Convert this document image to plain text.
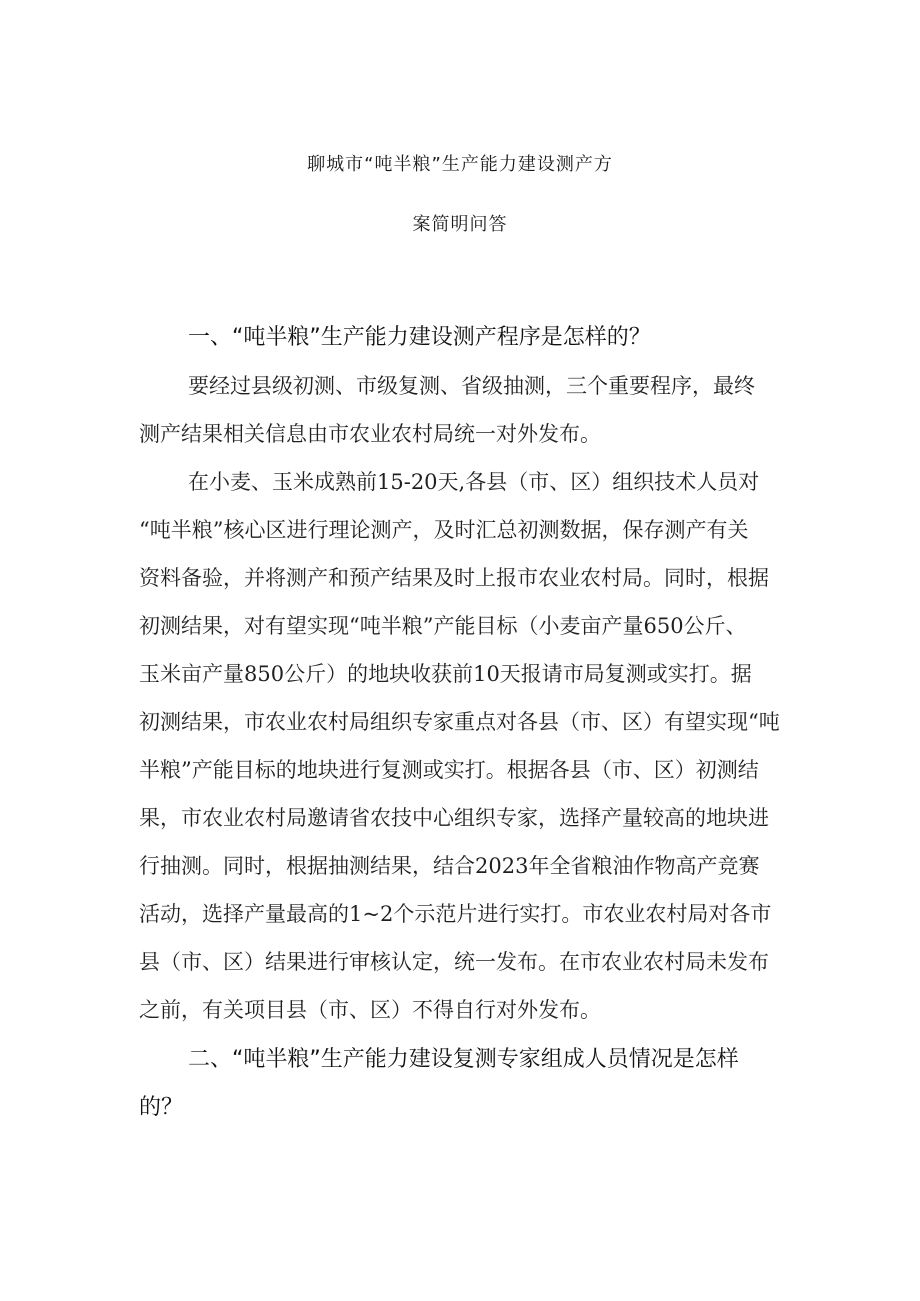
聊城市“吨半粮”生产能力建设测产方
案简明问答
一、“吨半粮”生产能力建设测产程序是怎样的？
要经过县级初测、市级复测、省级抽测，三个重要程序，最终
测产结果相关信息由市农业农村局统一对外发布。
在小麦、玉米成熟前15-20天,各县（市、区）组织技术人员对
“吨半粮”核心区进行理论测产，及时汇总初测数据，保存测产有关
资料备验，并将测产和预产结果及时上报市农业农村局。同时，根据
初测结果，对有望实现“吨半粮”产能目标（小麦亩产量650公斤、
玉米亩产量850公斤）的地块收获前10天报请市局复测或实打。据
初测结果，市农业农村局组织专家重点对各县（市、区）有望实现“吨
半粮”产能目标的地块进行复测或实打。根据各县（市、区）初测结
果，市农业农村局邀请省农技中心组织专家，选择产量较高的地块进
行抽测。同时，根据抽测结果，结合2023年全省粮油作物高产竞赛
活动，选择产量最高的1~2个示范片进行实打。市农业农村局对各市
县（市、区）结果进行审核认定，统一发布。在市农业农村局未发布
之前，有关项目县（市、区）不得自行对外发布。
二、“吨半粮”生产能力建设复测专家组成人员情况是怎样
的？
